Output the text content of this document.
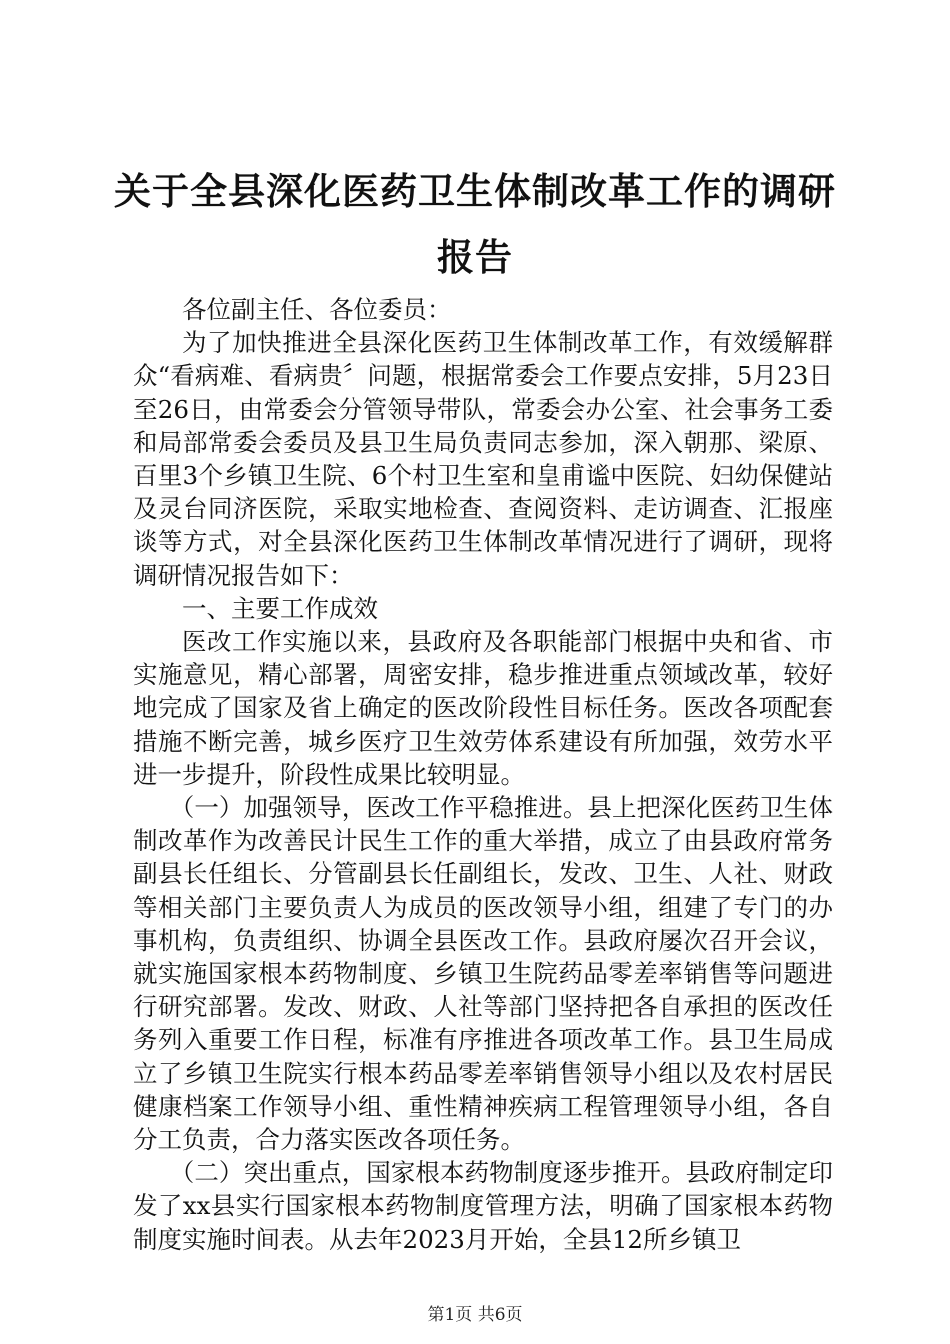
关于全县深化医药卫生体制改革工作的调研报告

各位副主任、各位委员：

为了加快推进全县深化医药卫生体制改革工作，有效缓解群众“看病难、看病贵〞问题，根据常委会工作要点安排，5月23日至26日，由常委会分管领导带队，常委会办公室、社会事务工委和局部常委会委员及县卫生局负责同志参加，深入朝那、梁原、百里3个乡镇卫生院、6个村卫生室和皇甫谧中医院、妇幼保健站及灵台同济医院，采取实地检查、查阅资料、走访调查、汇报座谈等方式，对全县深化医药卫生体制改革情况进行了调研，现将调研情况报告如下：

一、主要工作成效

医改工作实施以来，县政府及各职能部门根据中央和省、市实施意见，精心部署，周密安排，稳步推进重点领域改革，较好地完成了国家及省上确定的医改阶段性目标任务。医改各项配套措施不断完善，城乡医疗卫生效劳体系建设有所加强，效劳水平进一步提升，阶段性成果比较明显。

（一）加强领导，医改工作平稳推进。县上把深化医药卫生体制改革作为改善民计民生工作的重大举措，成立了由县政府常务副县长任组长、分管副县长任副组长，发改、卫生、人社、财政等相关部门主要负责人为成员的医改领导小组，组建了专门的办事机构，负责组织、协调全县医改工作。县政府屡次召开会议，就实施国家根本药物制度、乡镇卫生院药品零差率销售等问题进行研究部署。发改、财政、人社等部门坚持把各自承担的医改任务列入重要工作日程，标准有序推进各项改革工作。县卫生局成立了乡镇卫生院实行根本药品零差率销售领导小组以及农村居民健康档案工作领导小组、重性精神疾病工程管理领导小组，各自分工负责，合力落实医改各项任务。

（二）突出重点，国家根本药物制度逐步推开。县政府制定印发了xx县实行国家根本药物制度管理方法，明确了国家根本药物制度实施时间表。从去年2023月开始，全县12所乡镇卫

第1页 共6页
